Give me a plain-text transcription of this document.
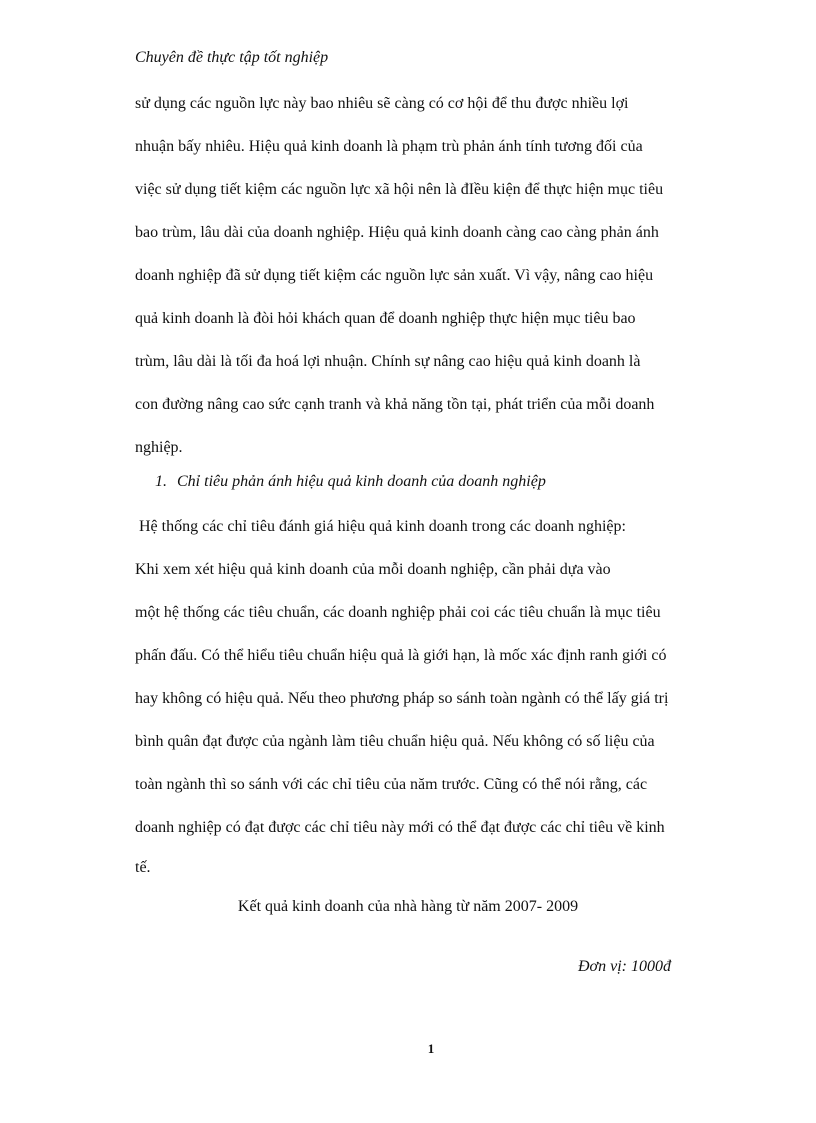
Chuyên đề thực tập tốt nghiệp
sử dụng các nguồn lực này bao nhiêu sẽ càng có cơ hội để thu được nhiều lợi
nhuận bấy nhiêu. Hiệu quả kinh doanh là phạm trù phản ánh tính tương đối của
việc sử dụng tiết kiệm các nguồn lực xã hội nên là đIều kiện để thực hiện mục tiêu
bao trùm, lâu dài của doanh nghiệp. Hiệu quả kinh doanh càng cao càng phản ánh
doanh nghiệp đã sử dụng tiết kiệm các nguồn lực sản xuất. Vì vậy, nâng cao hiệu
quả kinh doanh là đòi hỏi khách quan để doanh nghiệp thực hiện mục tiêu bao
trùm, lâu dài là tối đa hoá lợi nhuận. Chính sự nâng cao hiệu quả kinh doanh là
con đường nâng cao sức cạnh tranh và khả năng tồn tại, phát triển của mỗi doanh
nghiệp.
1. Chỉ tiêu phản ánh hiệu quả kinh doanh của doanh nghiệp
Hệ thống các chỉ tiêu đánh giá hiệu quả kinh doanh trong các doanh nghiệp:
Khi xem xét hiệu quả kinh doanh của mỗi doanh nghiệp, cần phải dựa vào
một hệ thống các tiêu chuẩn, các doanh nghiệp phải coi các tiêu chuẩn là mục tiêu
phấn đấu. Có thể hiểu tiêu chuẩn hiệu quả là giới hạn, là mốc xác định ranh giới có
hay không có hiệu quả. Nếu theo phương pháp so sánh toàn ngành có thể lấy giá trị
bình quân đạt được của ngành làm tiêu chuẩn hiệu quả. Nếu không có số liệu của
toàn ngành thì so sánh với các chỉ tiêu của năm trước. Cũng có thể nói rằng, các
doanh nghiệp có đạt được các chỉ tiêu này mới có thể đạt được các chỉ tiêu về kinh
tế.
Kết quả kinh doanh của nhà hàng từ năm 2007- 2009
Đơn vị: 1000đ
1
